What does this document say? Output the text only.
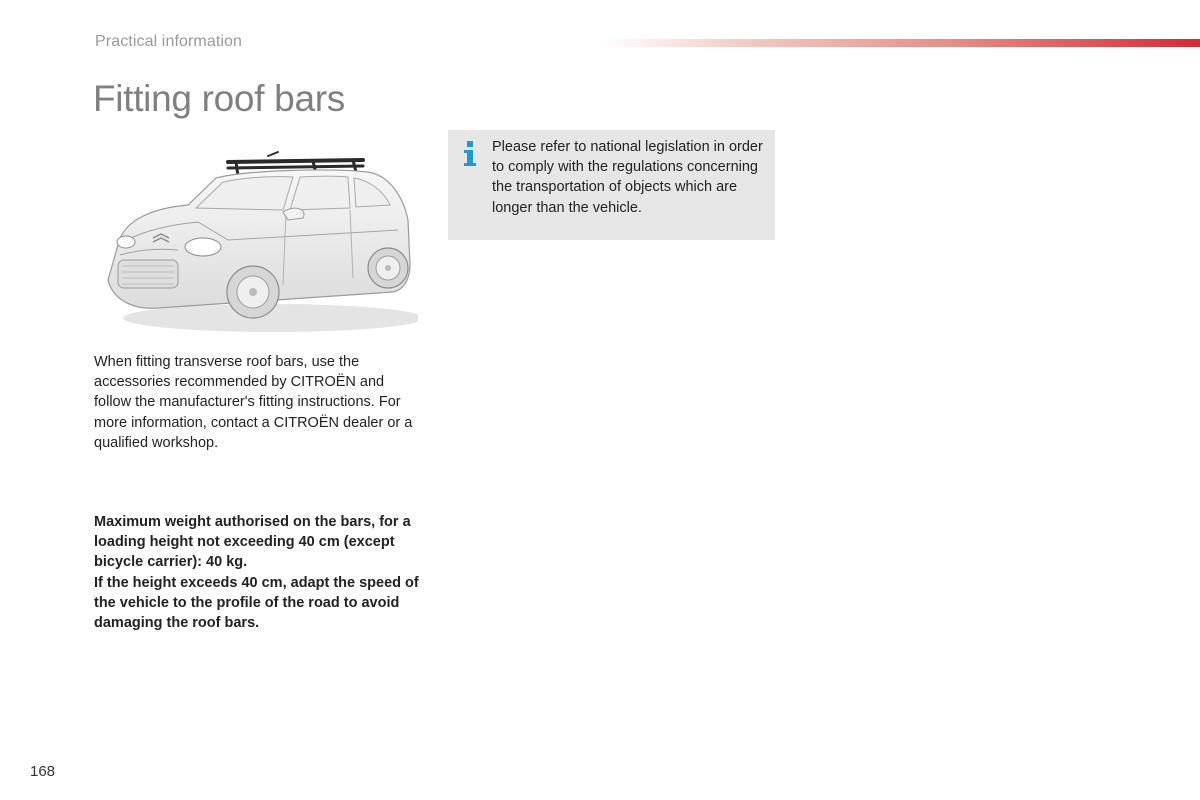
Practical information
Fitting roof bars

When fitting transverse roof bars, use the accessories recommended by CITROËN and follow the manufacturer's fitting instructions. For more information, contact a CITROËN dealer or a qualified workshop.

Maximum weight authorised on the bars, for a loading height not exceeding 40 cm (except bicycle carrier): 40 kg.
If the height exceeds 40 cm, adapt the speed of the vehicle to the profile of the road to avoid damaging the roof bars.

Please refer to national legislation in order to comply with the regulations concerning the transportation of objects which are longer than the vehicle.

168
